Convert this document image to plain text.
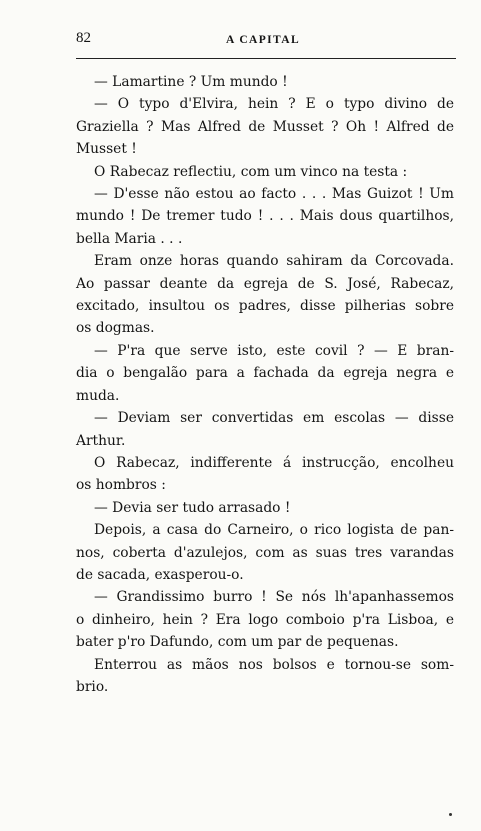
82	A CAPITAL
— Lamartine ? Um mundo !
— O typo d'Elvira, hein ? E o typo divino de
Graziella ? Mas Alfred de Musset ? Oh ! Alfred de
Musset !
O Rabecaz reflectiu, com um vinco na testa :
— D'esse não estou ao facto . . . Mas Guizot ! Um
mundo ! De tremer tudo ! . . . Mais dous quartilhos,
bella Maria . . .
Eram onze horas quando sahiram da Corcovada.
Ao passar deante da egreja de S. José, Rabecaz,
excitado, insultou os padres, disse pilherias sobre
os dogmas.
— P'ra que serve isto, este covil ? — E bran-
dia o bengalão para a fachada da egreja negra e
muda.
— Deviam ser convertidas em escolas — disse
Arthur.
O Rabecaz, indifferente á instrucção, encolheu
os hombros :
— Devia ser tudo arrasado !
Depois, a casa do Carneiro, o rico logista de pan-
nos, coberta d'azulejos, com as suas tres varandas
de sacada, exasperou-o.
— Grandissimo burro ! Se nós lh'apanhassemos
o dinheiro, hein ? Era logo comboio p'ra Lisboa, e
bater p'ro Dafundo, com um par de pequenas.
Enterrou as mãos nos bolsos e tornou-se som-
brio.
